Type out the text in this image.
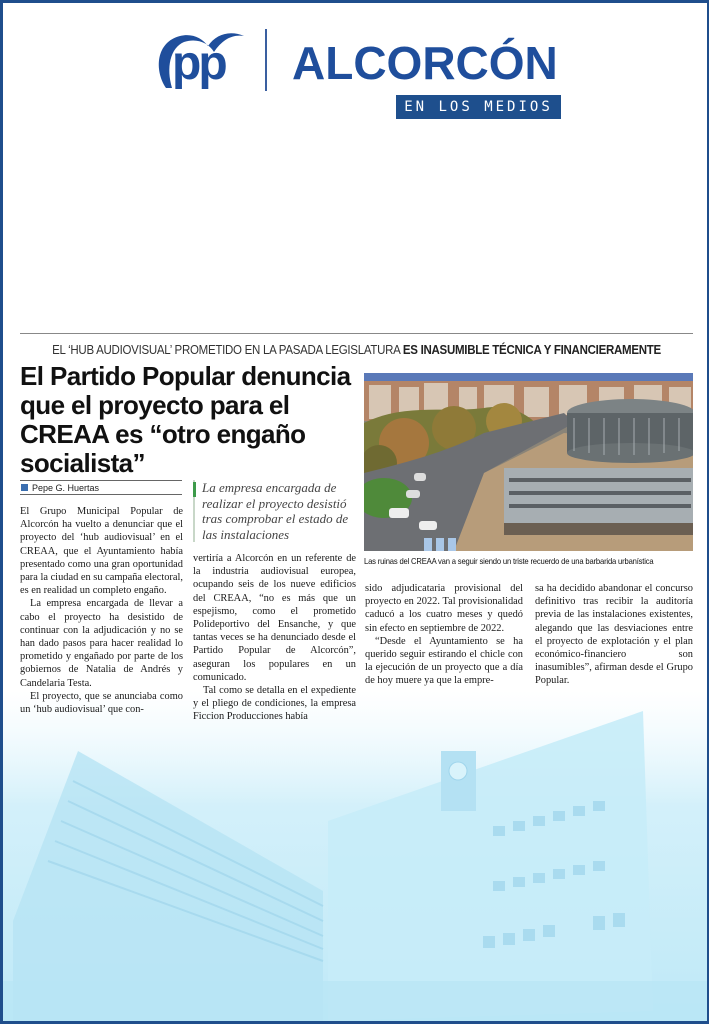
pp ALCORCÓN
EN LOS MEDIOS
EL ‘HUB AUDIOVISUAL’ PROMETIDO EN LA PASADA LEGISLATURA ES INASUMIBLE TÉCNICA Y FINANCIERAMENTE
El Partido Popular denuncia que el proyecto para el CREAA es “otro engaño socialista”
Pepe G. Huertas	La empresa encargada de realizar el proyecto desistió tras comprobar el estado de las instalaciones

El Grupo Municipal Popular de Alcorcón ha vuelto a denunciar que el proyecto del ‘hub audiovisual’ en el CREAA, que el Ayuntamiento había presentado como una gran oportunidad para la ciudad en su campaña electoral, es en realidad un completo engaño.

La empresa encargada de llevar a cabo el proyecto ha desistido de continuar con la adjudicación y no se han dado pasos para hacer realidad lo prometido y engañado por parte de los gobiernos de Natalia de Andrés y Candelaria Testa.

El proyecto, que se anunciaba como un ‘hub audiovisual’ que con-

vertiría a Alcorcón en un referente de la industria audiovisual europea, ocupando seis de los nueve edificios del CREAA, “no es más que un espejismo, como el prometido Polideportivo del Ensanche, y que tantas veces se ha denunciado desde el Partido Popular de Alcorcón”, aseguran los populares en un comunicado.

Tal como se detalla en el expediente y el pliego de condiciones, la empresa Ficcion Producciones había

Las ruinas del CREAA van a seguir siendo un triste recuerdo de una barbarida urbanística

sido adjudicataria provisional del proyecto en 2022. Tal provisionalidad caducó a los cuatro meses y quedó sin efecto en septiembre de 2022.

“Desde el Ayuntamiento se ha querido seguir estirando el chicle con la ejecución de un proyecto que a día de hoy muere ya que la empre-

sa ha decidido abandonar el concurso definitivo tras recibir la auditoría previa de las instalaciones existentes, alegando que las desviaciones entre el proyecto de explotación y el plan económico-financiero son inasumibles”, afirman desde el Grupo Popular.
